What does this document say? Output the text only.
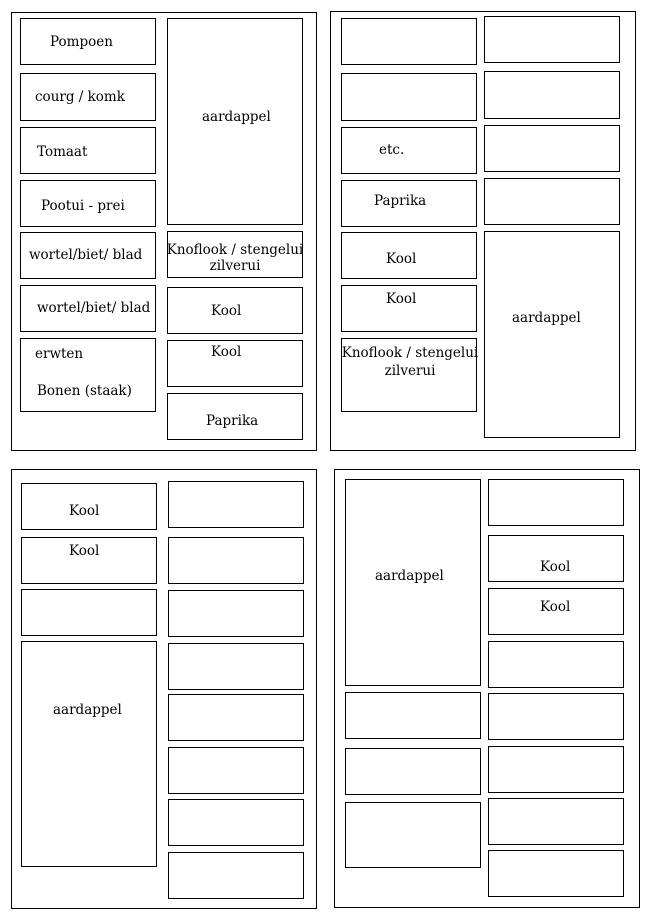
Pompoen
courg / komk
Tomaat
Pootui - prei
wortel/biet/ blad
wortel/biet/ blad
erwten
Bonen (staak)
aardappel
Knoflook / stengelui
zilverui
Kool
Kool
Paprika
etc.
Paprika
Kool
Kool
Knoflook / stengelui
zilverui
aardappel
Kool
Kool
aardappel
aardappel
Kool
Kool
